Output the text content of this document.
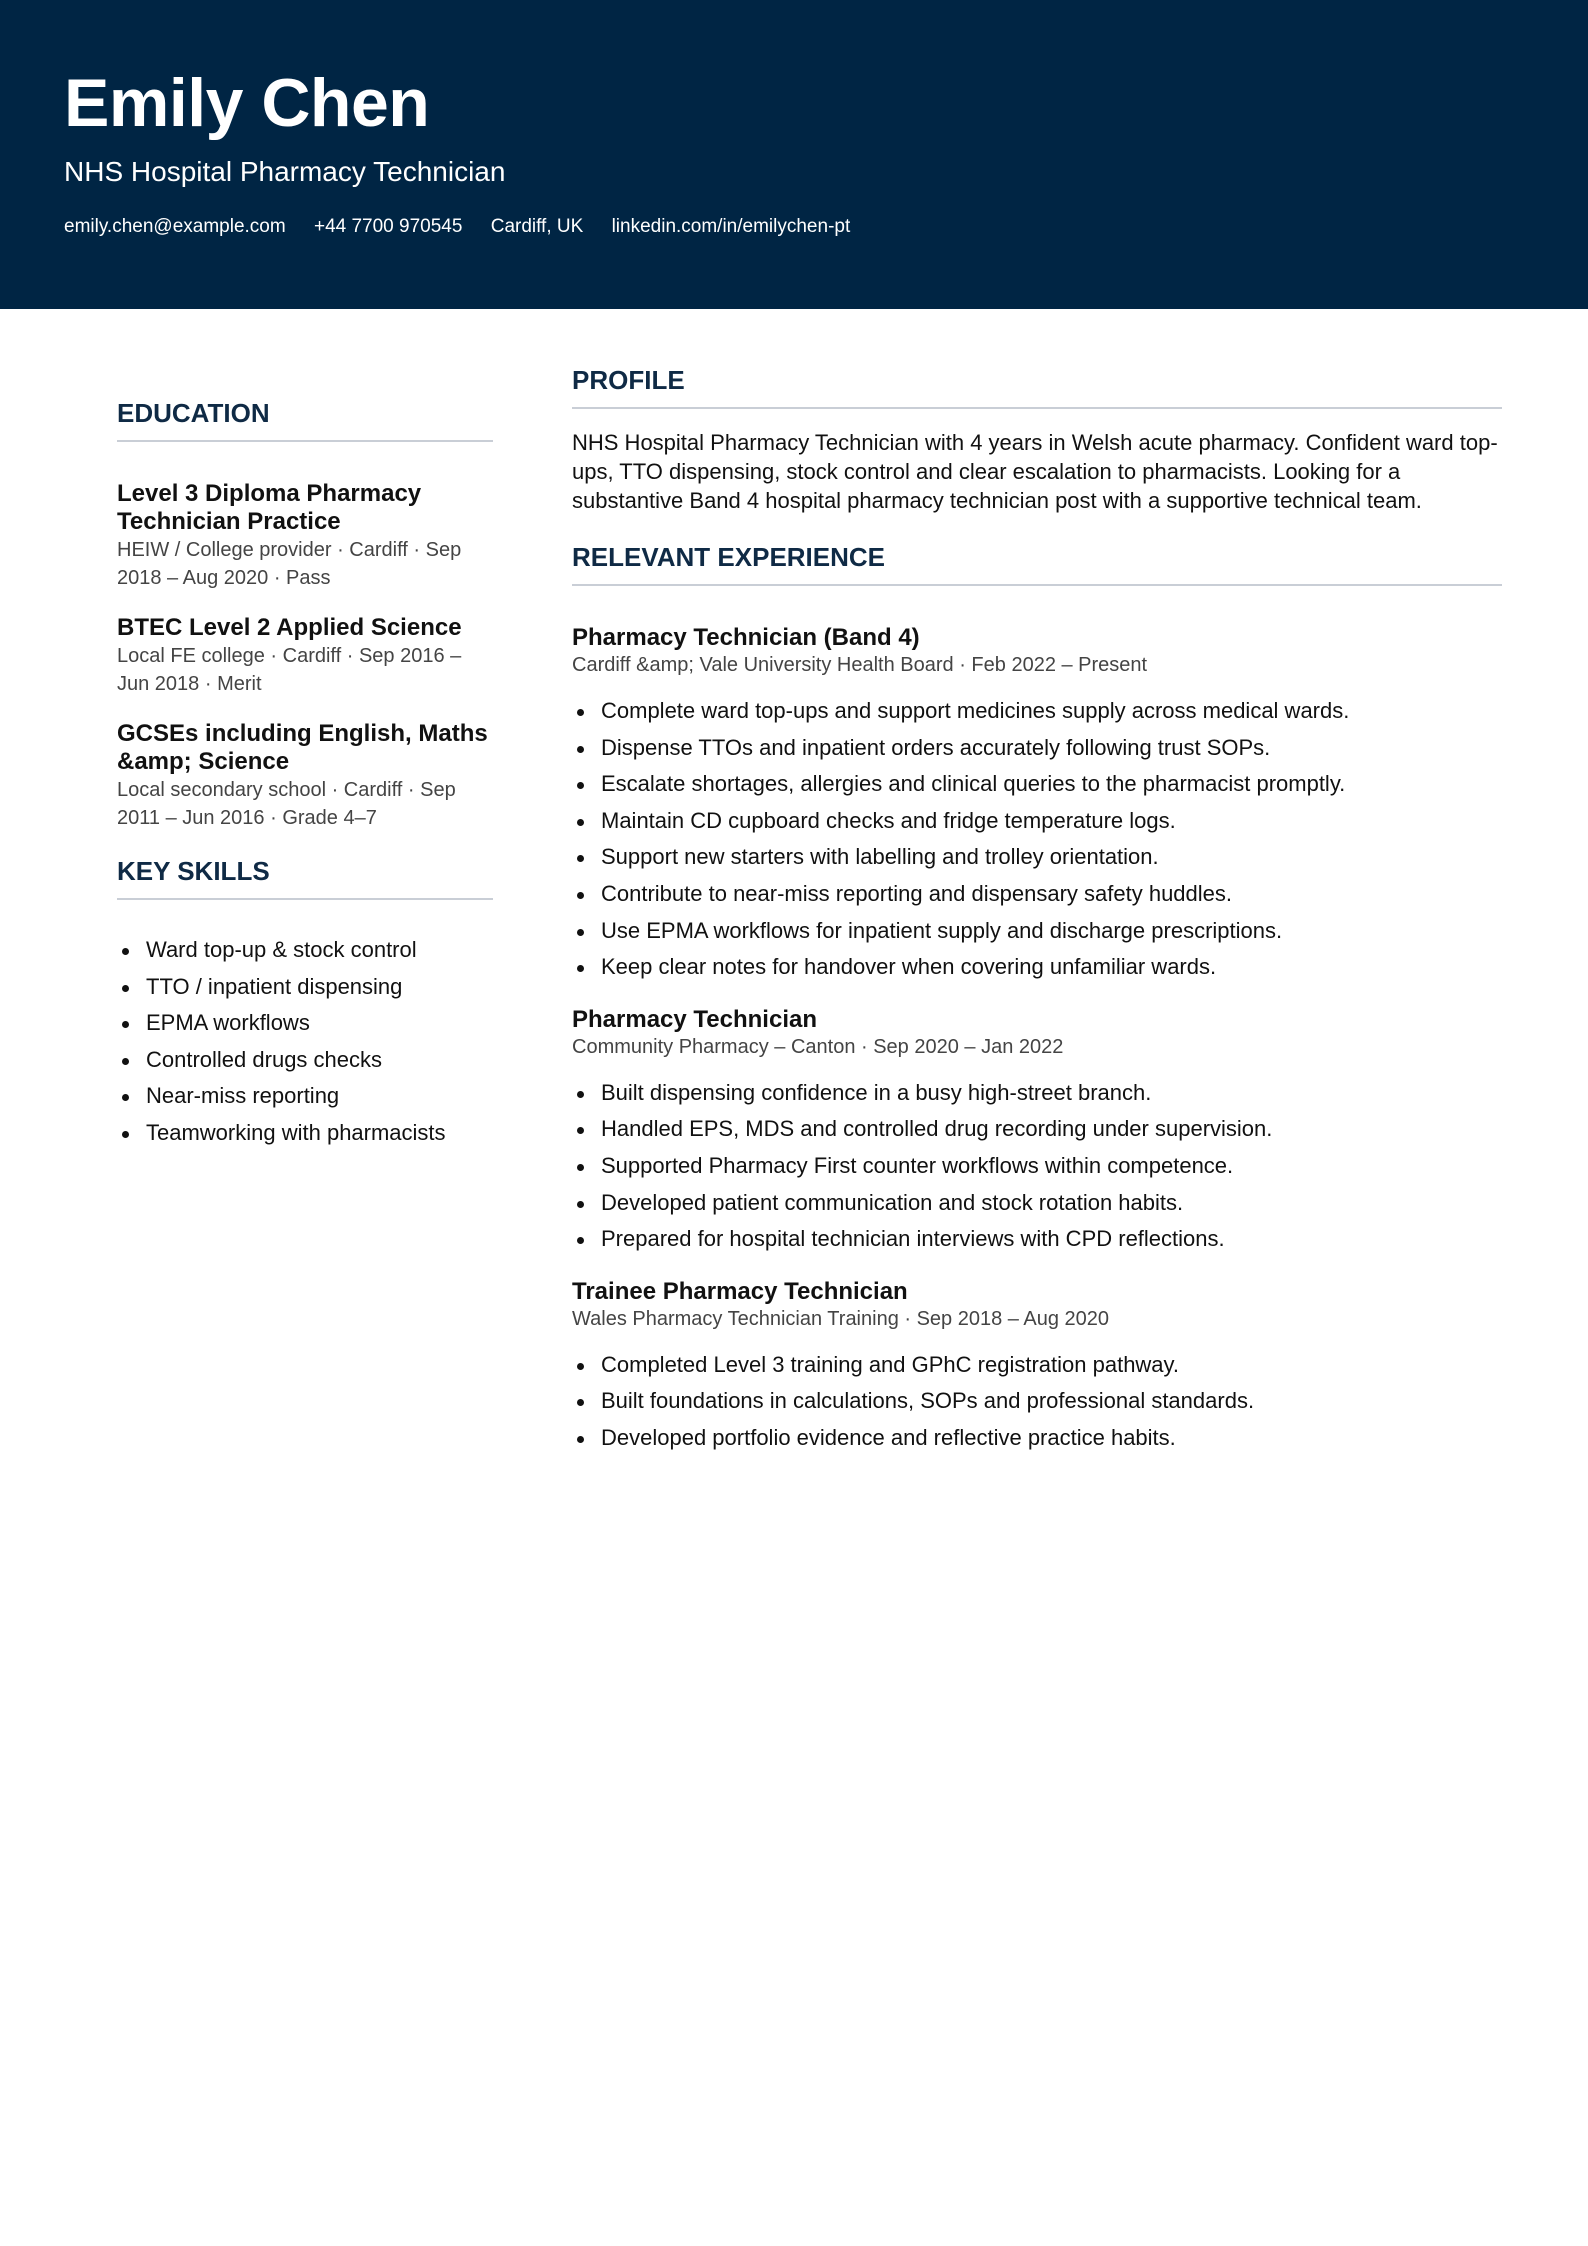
Emily Chen
NHS Hospital Pharmacy Technician
emily.chen@example.com +44 7700 970545 Cardiff, UK linkedin.com/in/emilychen-pt
EDUCATION
Level 3 Diploma Pharmacy Technician Practice
HEIW / College provider · Cardiff · Sep 2018 – Aug 2020 · Pass
BTEC Level 2 Applied Science
Local FE college · Cardiff · Sep 2016 – Jun 2018 · Merit
GCSEs including English, Maths &amp; Science
Local secondary school · Cardiff · Sep 2011 – Jun 2016 · Grade 4–7
KEY SKILLS
Ward top-up & stock control
TTO / inpatient dispensing
EPMA workflows
Controlled drugs checks
Near-miss reporting
Teamworking with pharmacists
PROFILE

NHS Hospital Pharmacy Technician with 4 years in Welsh acute pharmacy. Confident ward top-ups, TTO dispensing, stock control and clear escalation to pharmacists. Looking for a substantive Band 4 hospital pharmacy technician post with a supportive technical team.

RELEVANT EXPERIENCE
Pharmacy Technician (Band 4)
Cardiff &amp; Vale University Health Board · Feb 2022 – Present
Complete ward top-ups and support medicines supply across medical wards.
Dispense TTOs and inpatient orders accurately following trust SOPs.
Escalate shortages, allergies and clinical queries to the pharmacist promptly.
Maintain CD cupboard checks and fridge temperature logs.
Support new starters with labelling and trolley orientation.
Contribute to near-miss reporting and dispensary safety huddles.
Use EPMA workflows for inpatient supply and discharge prescriptions.
Keep clear notes for handover when covering unfamiliar wards.
Pharmacy Technician
Community Pharmacy – Canton · Sep 2020 – Jan 2022
Built dispensing confidence in a busy high-street branch.
Handled EPS, MDS and controlled drug recording under supervision.
Supported Pharmacy First counter workflows within competence.
Developed patient communication and stock rotation habits.
Prepared for hospital technician interviews with CPD reflections.
Trainee Pharmacy Technician
Wales Pharmacy Technician Training · Sep 2018 – Aug 2020
Completed Level 3 training and GPhC registration pathway.
Built foundations in calculations, SOPs and professional standards.
Developed portfolio evidence and reflective practice habits.
